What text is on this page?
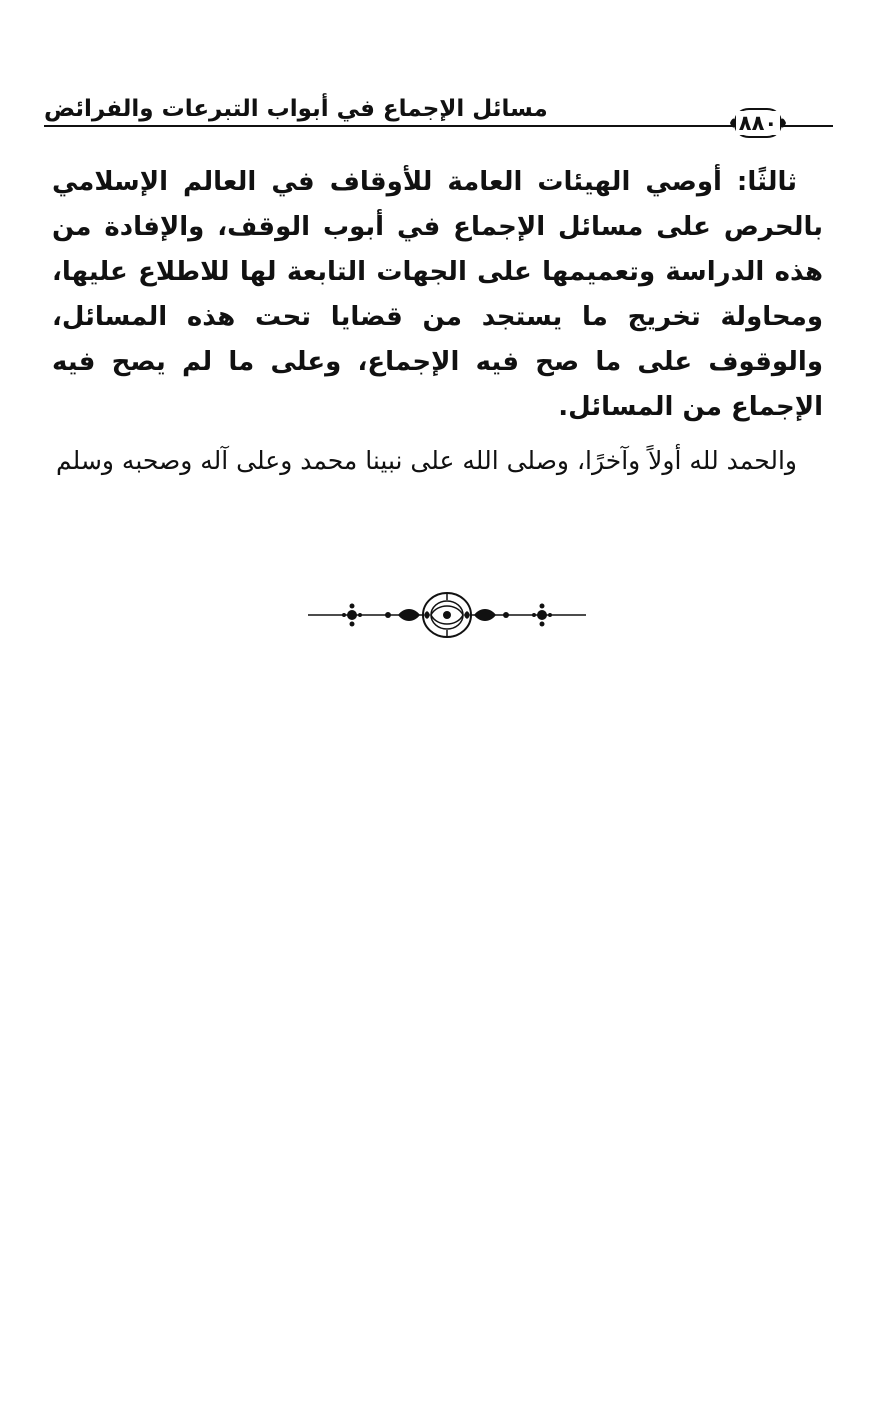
مسائل الإجماع في أبواب التبرعات والفرائض
٨٨٠

ثالثًا: أوصي الهيئات العامة للأوقاف في العالم الإسلامي بالحرص على مسائل الإجماع في أبوب الوقف، والإفادة من هذه الدراسة وتعميمها على الجهات التابعة لها للاطلاع عليها، ومحاولة تخريج ما يستجد من قضايا تحت هذه المسائل، والوقوف على ما صح فيه الإجماع، وعلى ما لم يصح فيه الإجماع من المسائل.

والحمد لله أولاً وآخرًا، وصلى الله على نبينا محمد وعلى آله وصحبه وسلم
